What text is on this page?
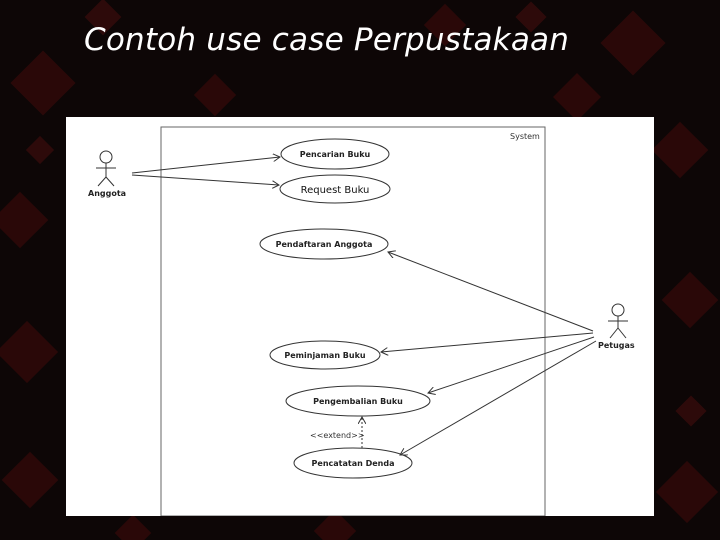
Contoh use case Perpustakaan
System
Anggota
Petugas
Pencarian Buku
Request Buku
Pendaftaran Anggota
Peminjaman Buku
Pengembalian Buku
Pencatatan Denda
<<extend>>
